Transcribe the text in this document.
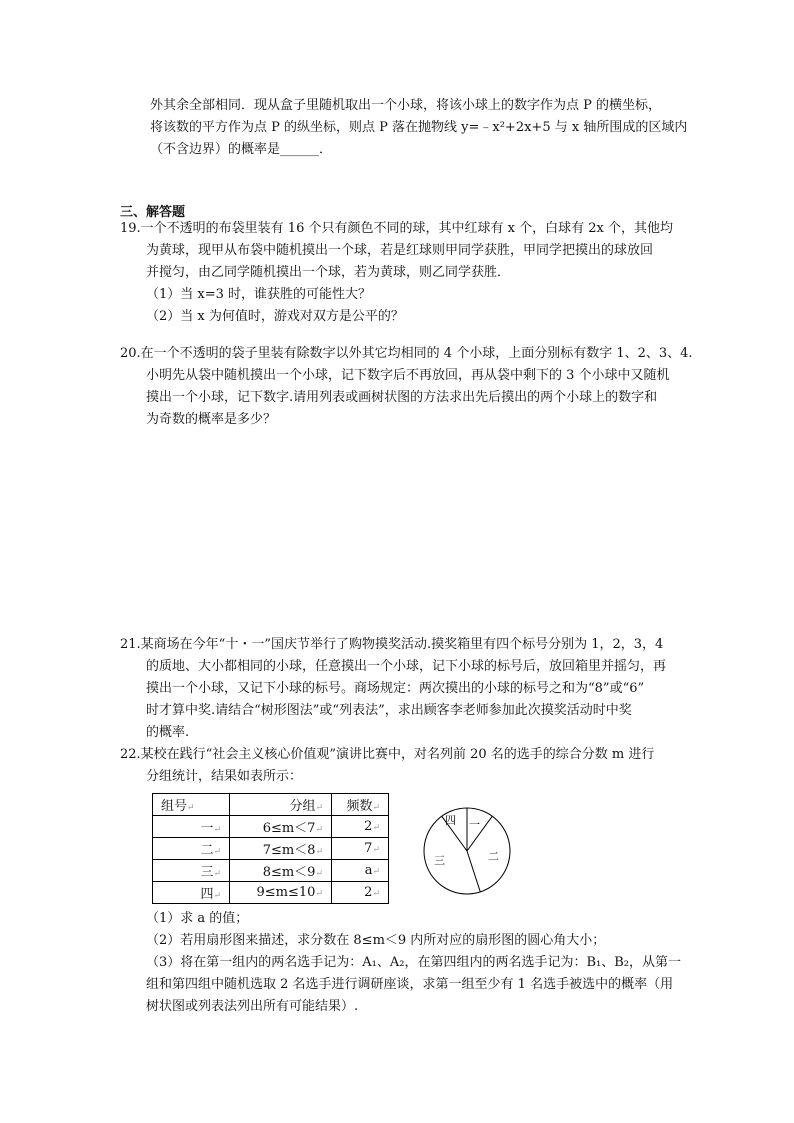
外其余全部相同．现从盒子里随机取出一个小球，将该小球上的数字作为点 P 的横坐标，
将该数的平方作为点 P 的纵坐标，则点 P 落在抛物线 y=﹣x²+2x+5 与 x 轴所围成的区域内
（不含边界）的概率是______．
三、解答题
19.一个不透明的布袋里装有 16 个只有颜色不同的球，其中红球有 x 个，白球有 2x 个，其他均
为黄球，现甲从布袋中随机摸出一个球，若是红球则甲同学获胜，甲同学把摸出的球放回
并搅匀，由乙同学随机摸出一个球，若为黄球，则乙同学获胜．
（1）当 x=3 时，谁获胜的可能性大？
（2）当 x 为何值时，游戏对双方是公平的？
20.在一个不透明的袋子里装有除数字以外其它均相同的 4 个小球，上面分别标有数字 1、2、3、4.
小明先从袋中随机摸出一个小球，记下数字后不再放回，再从袋中剩下的 3 个小球中又随机
摸出一个小球，记下数字.请用列表或画树状图的方法求出先后摸出的两个小球上的数字和
为奇数的概率是多少？
21.某商场在今年“十・一”国庆节举行了购物摸奖活动.摸奖箱里有四个标号分别为 1，2，3，4
的质地、大小都相同的小球，任意摸出一个小球，记下小球的标号后，放回箱里并摇匀，再
摸出一个小球，又记下小球的标号。商场规定：两次摸出的小球的标号之和为“8”或“6”
时才算中奖.请结合“树形图法”或“列表法”，求出顾客李老师参加此次摸奖活动时中奖
的概率.
22.某校在践行“社会主义核心价值观”演讲比赛中，对名列前 20 名的选手的综合分数 m 进行
分组统计，结果如表所示：
组号↵	分组↵	频数↵
一↵	6≤m＜7↵	2↵
二↵	7≤m＜8↵	7↵
三↵	8≤m＜9↵	a↵
四↵	9≤m≤10↵	2↵
四 一
二
三
（1）求 a 的值；
（2）若用扇形图来描述，求分数在 8≤m＜9 内所对应的扇形图的圆心角大小；
（3）将在第一组内的两名选手记为：A₁、A₂，在第四组内的两名选手记为：B₁、B₂，从第一
组和第四组中随机选取 2 名选手进行调研座谈，求第一组至少有 1 名选手被选中的概率（用
树状图或列表法列出所有可能结果）.
